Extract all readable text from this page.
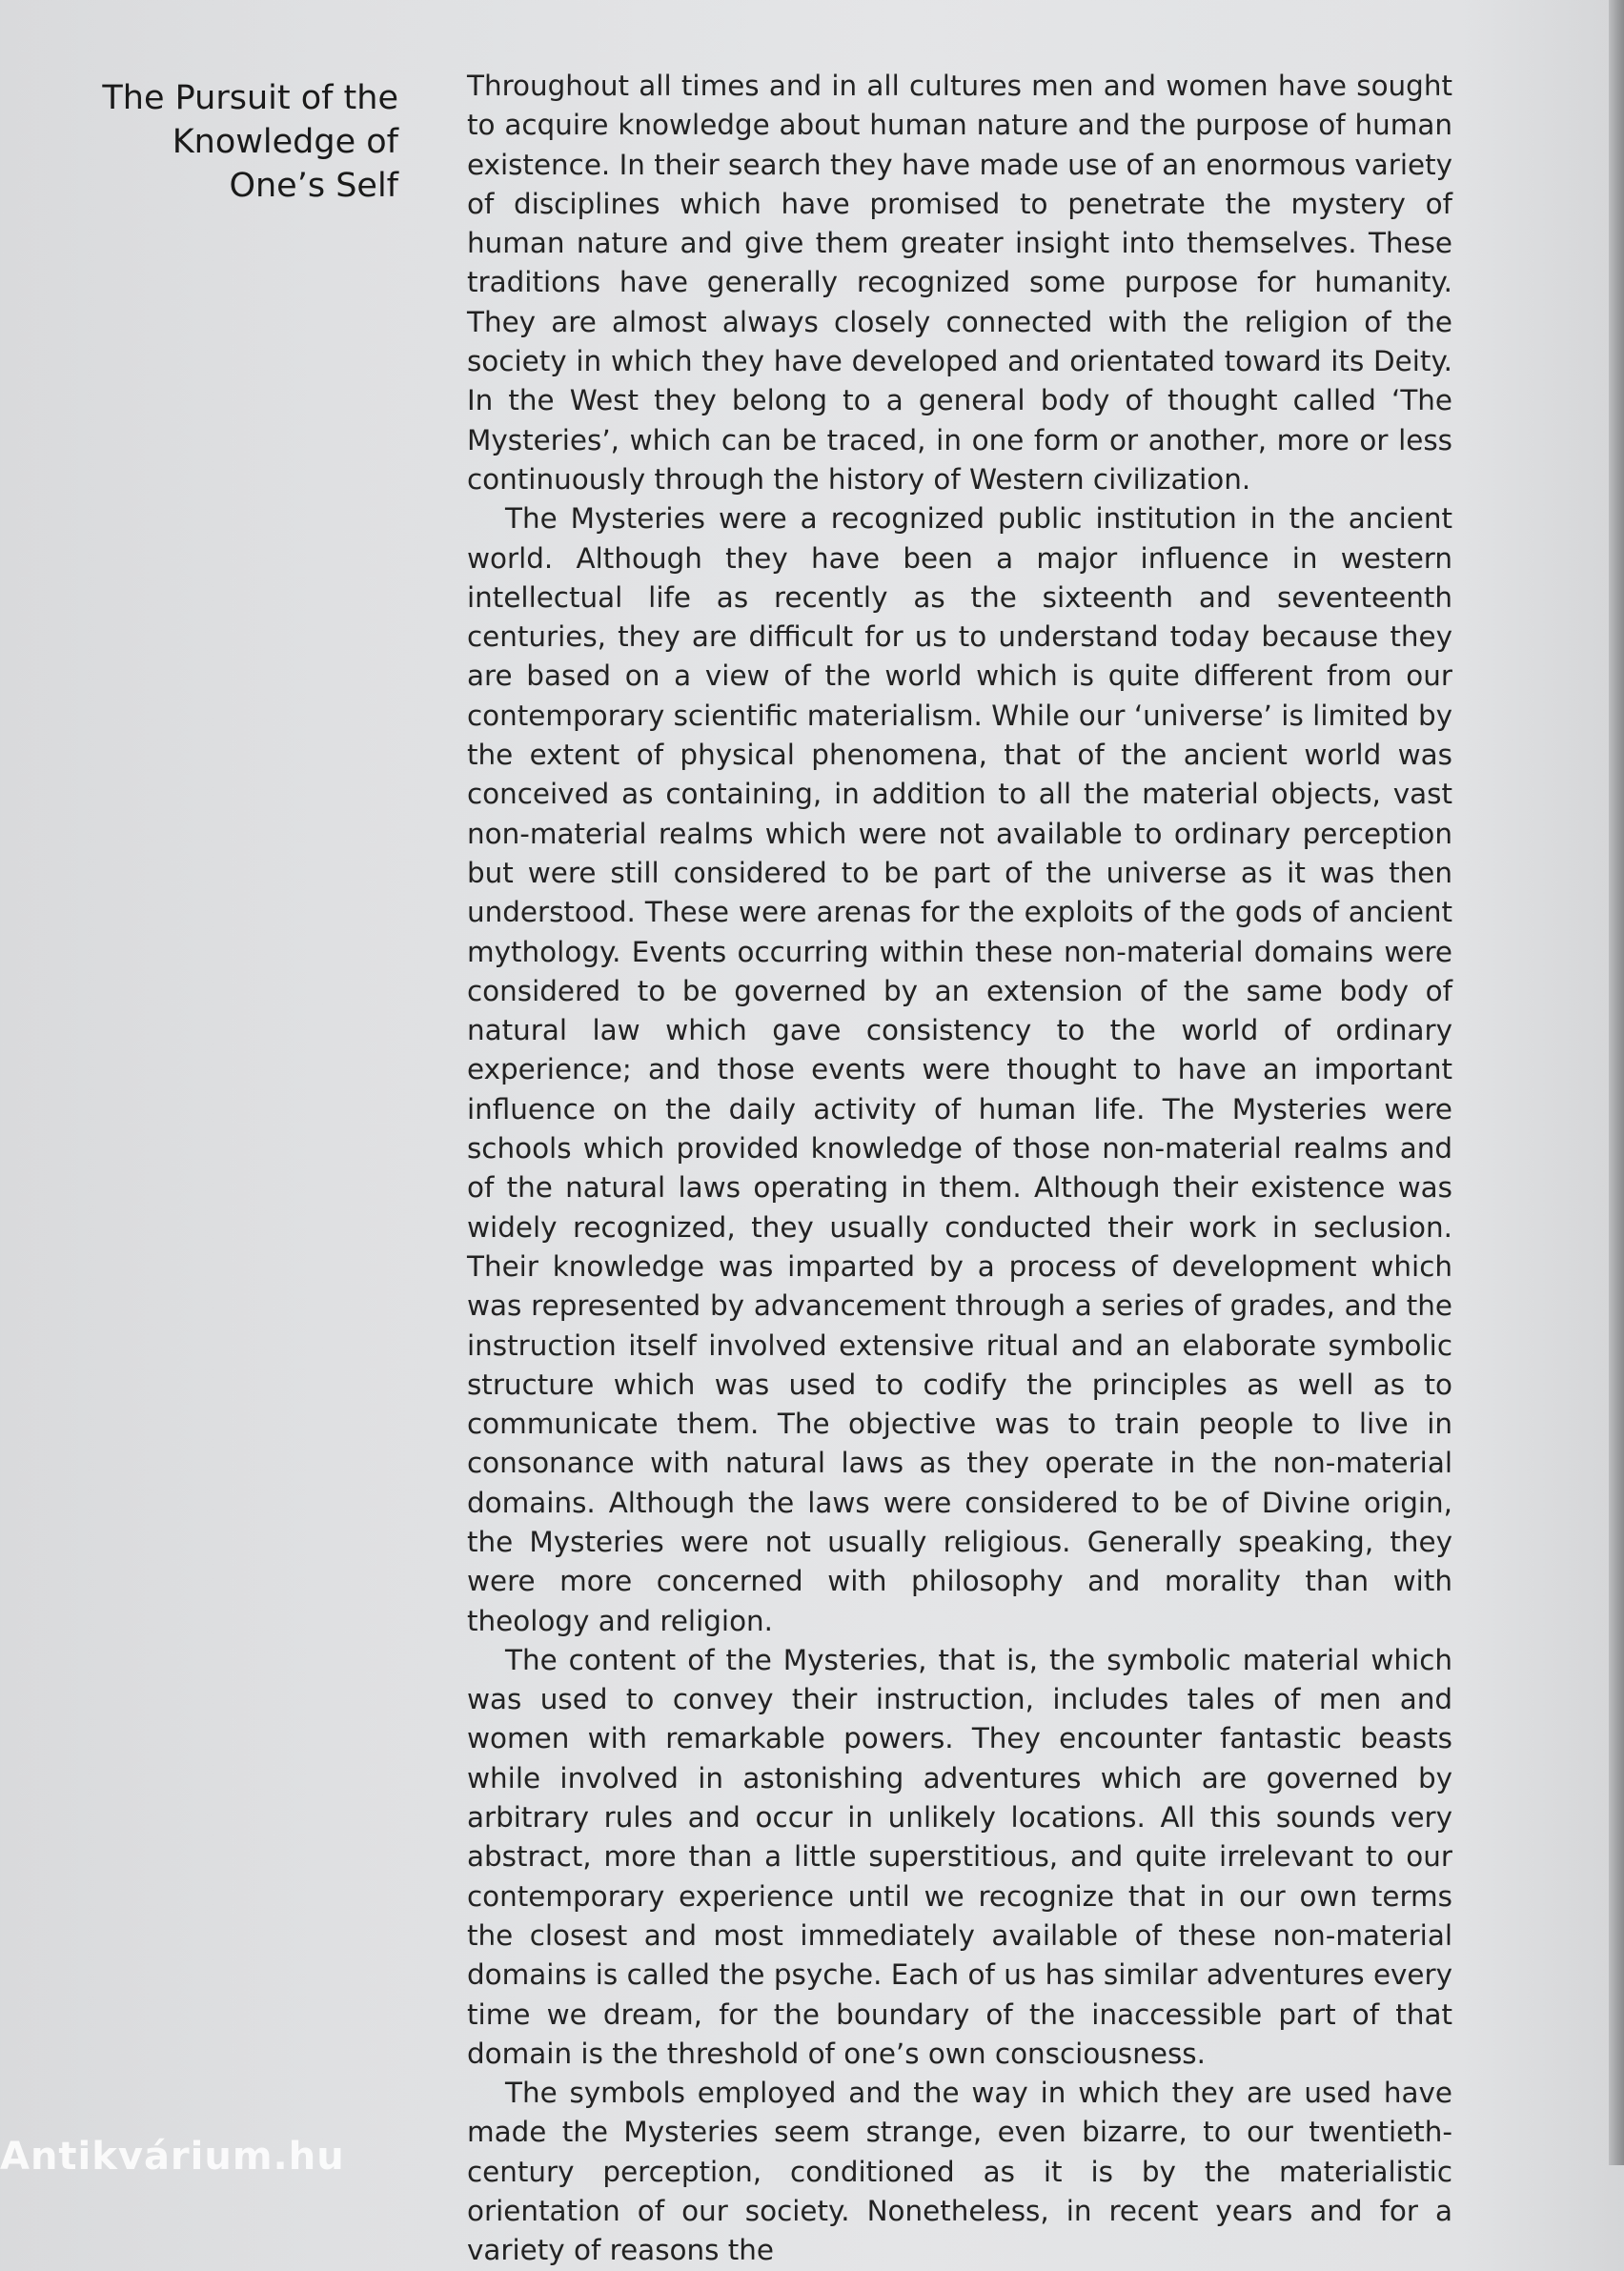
The Pursuit of the
Knowledge of
One’s Self

Throughout all times and in all cultures men and women have sought to acquire knowledge about human nature and the purpose of human existence. In their search they have made use of an enormous variety of disciplines which have promised to penetrate the mystery of human nature and give them greater insight into themselves. These traditions have generally recognized some purpose for humanity. They are almost always closely connected with the religion of the society in which they have developed and orientated toward its Deity. In the West they belong to a general body of thought called ‘The Mysteries’, which can be traced, in one form or another, more or less continuously through the history of Western civilization.

The Mysteries were a recognized public institution in the ancient world. Although they have been a major influence in western intellectual life as recently as the sixteenth and seventeenth centuries, they are difficult for us to understand today because they are based on a view of the world which is quite different from our contemporary scientific materialism. While our ‘universe’ is limited by the extent of physical phenomena, that of the ancient world was conceived as containing, in addition to all the material objects, vast non-material realms which were not available to ordinary perception but were still considered to be part of the universe as it was then understood. These were arenas for the exploits of the gods of ancient mythology. Events occurring within these non-material domains were considered to be governed by an extension of the same body of natural law which gave consistency to the world of ordinary experience; and those events were thought to have an important influence on the daily activity of human life. The Mysteries were schools which provided knowledge of those non-material realms and of the natural laws operating in them. Although their existence was widely recognized, they usually conducted their work in seclusion. Their knowledge was imparted by a process of development which was represented by advancement through a series of grades, and the instruction itself involved extensive ritual and an elaborate symbolic structure which was used to codify the principles as well as to communicate them. The objective was to train people to live in consonance with natural laws as they operate in the non-material domains. Although the laws were considered to be of Divine origin, the Mysteries were not usually religious. Generally speaking, they were more concerned with philosophy and morality than with theology and religion.

The content of the Mysteries, that is, the symbolic material which was used to convey their instruction, includes tales of men and women with remarkable powers. They encounter fantastic beasts while involved in astonishing adventures which are governed by arbitrary rules and occur in unlikely locations. All this sounds very abstract, more than a little superstitious, and quite irrelevant to our contemporary experience until we recognize that in our own terms the closest and most immediately available of these non-material domains is called the psyche. Each of us has similar adventures every time we dream, for the boundary of the inaccessible part of that domain is the threshold of one’s own consciousness.

The symbols employed and the way in which they are used have made the Mysteries seem strange, even bizarre, to our twentieth-century perception, conditioned as it is by the materialistic orientation of our society. Nonetheless, in recent years and for a variety of reasons the

Antikvárium.hu
